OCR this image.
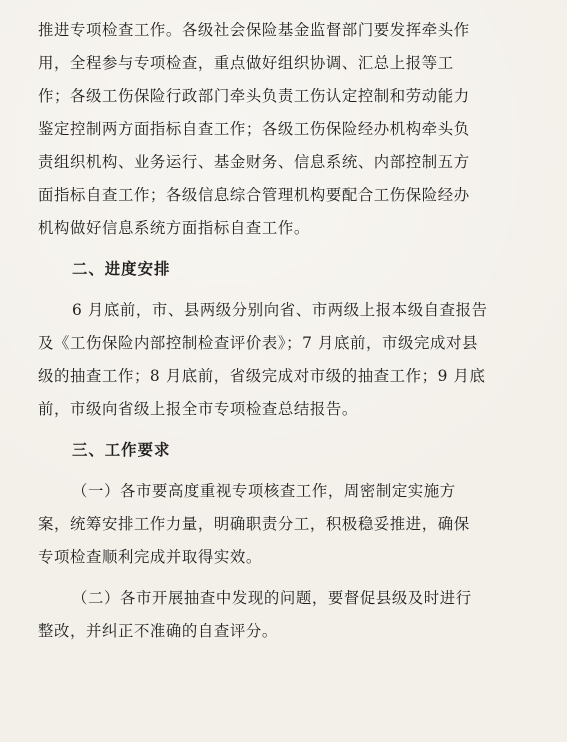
推进专项检查工作。各级社会保险基金监督部门要发挥牵头作
用，全程参与专项检查，重点做好组织协调、汇总上报等工
作；各级工伤保险行政部门牵头负责工伤认定控制和劳动能力
鉴定控制两方面指标自查工作；各级工伤保险经办机构牵头负
责组织机构、业务运行、基金财务、信息系统、内部控制五方
面指标自查工作；各级信息综合管理机构要配合工伤保险经办
机构做好信息系统方面指标自查工作。
二、进度安排
6 月底前，市、县两级分别向省、市两级上报本级自查报告
及《工伤保险内部控制检查评价表》；7 月底前，市级完成对县
级的抽查工作；8 月底前，省级完成对市级的抽查工作；9 月底
前，市级向省级上报全市专项检查总结报告。
三、工作要求
（一）各市要高度重视专项核查工作，周密制定实施方
案，统筹安排工作力量，明确职责分工，积极稳妥推进，确保
专项检查顺利完成并取得实效。
（二）各市开展抽查中发现的问题，要督促县级及时进行
整改，并纠正不准确的自查评分。
